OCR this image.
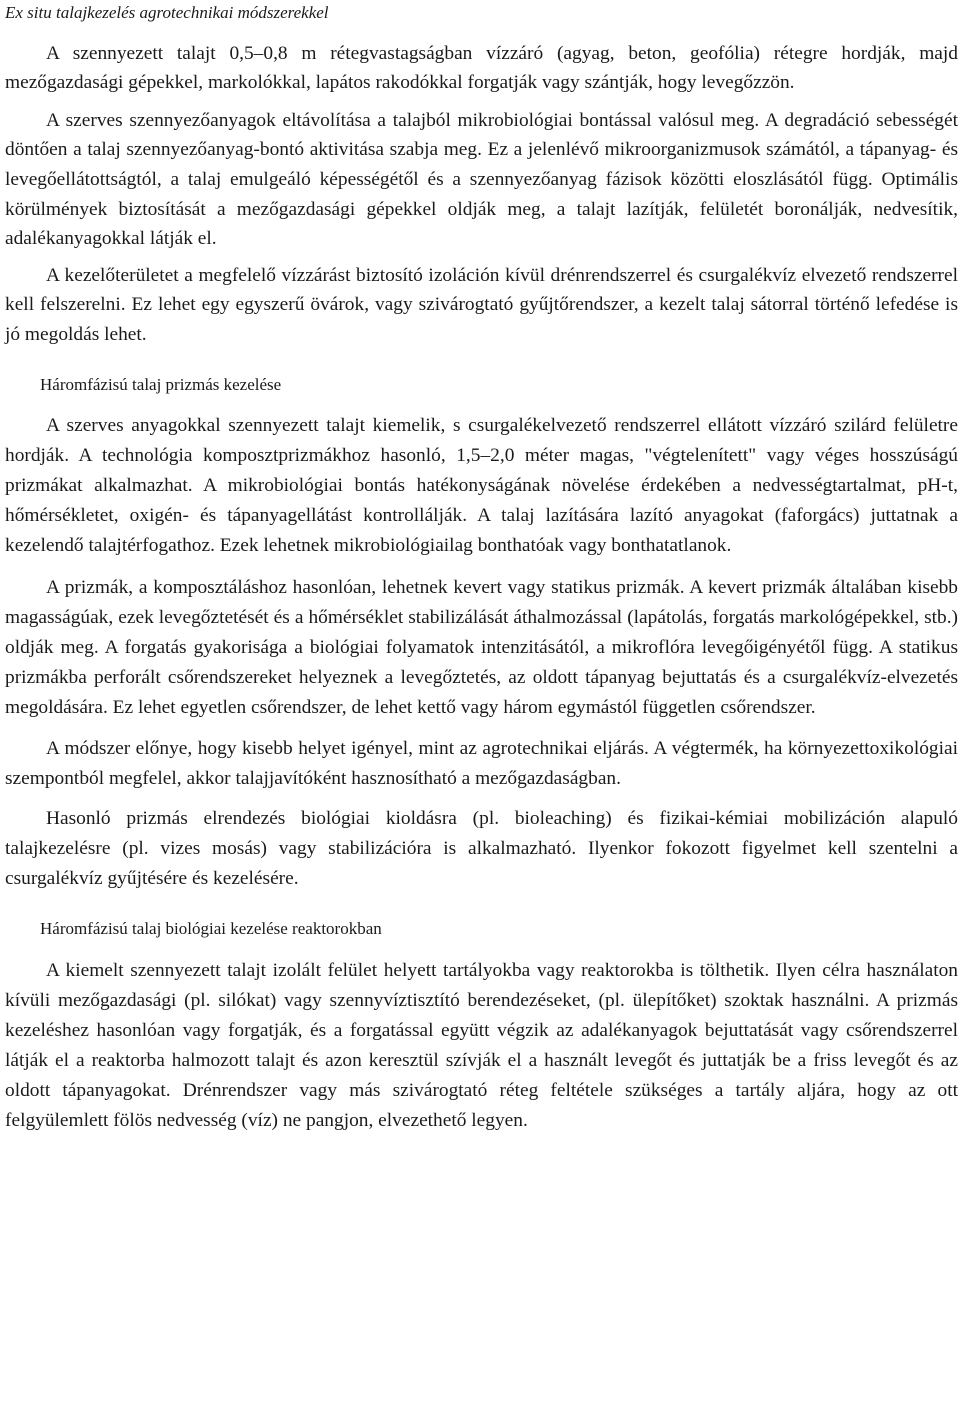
Ex situ talajkezelés agrotechnikai módszerekkel

A szennyezett talajt 0,5–0,8 m rétegvastagságban vízzáró (agyag, beton, geofólia) rétegre hordják, majd mezőgazdasági gépekkel, markolókkal, lapátos rakodókkal forgatják vagy szántják, hogy levegőzzön.

A szerves szennyezőanyagok eltávolítása a talajból mikrobiológiai bontással valósul meg. A degradáció sebességét döntően a talaj szennyezőanyag-bontó aktivitása szabja meg. Ez a jelenlévő mikroorganizmusok számától, a tápanyag- és levegőellátottságtól, a talaj emulgeáló képességétől és a szennyezőanyag fázisok közötti eloszlásától függ. Optimális körülmények biztosítását a mezőgazdasági gépekkel oldják meg, a talajt lazítják, felületét boronálják, nedvesítik, adalékanyagokkal látják el.

A kezelőterületet a megfelelő vízzárást biztosító izoláción kívül drénrendszerrel és csurgalékvíz elvezető rendszerrel kell felszerelni. Ez lehet egy egyszerű övárok, vagy szivárogtató gyűjtőrendszer, a kezelt talaj sátorral történő lefedése is jó megoldás lehet.

Háromfázisú talaj prizmás kezelése

A szerves anyagokkal szennyezett talajt kiemelik, s csurgalékelvezető rendszerrel ellátott vízzáró szilárd felületre hordják. A technológia komposztprizmákhoz hasonló, 1,5–2,0 méter magas, "végtelenített" vagy véges hosszúságú prizmákat alkalmazhat. A mikrobiológiai bontás hatékonyságának növelése érdekében a nedvességtartalmat, pH-t, hőmérsékletet, oxigén- és tápanyagellátást kontrollálják. A talaj lazítására lazító anyagokat (faforgács) juttatnak a kezelendő talajtérfogathoz. Ezek lehetnek mikrobiológiailag bonthatóak vagy bonthatatlanok.

A prizmák, a komposztáláshoz hasonlóan, lehetnek kevert vagy statikus prizmák. A kevert prizmák általában kisebb magasságúak, ezek levegőztetését és a hőmérséklet stabilizálását áthalmozással (lapátolás, forgatás markológépekkel, stb.) oldják meg. A forgatás gyakorisága a biológiai folyamatok intenzitásától, a mikroflóra levegőigényétől függ. A statikus prizmákba perforált csőrendszereket helyeznek a levegőztetés, az oldott tápanyag bejuttatás és a csurgalékvíz-elvezetés megoldására. Ez lehet egyetlen csőrendszer, de lehet kettő vagy három egymástól független csőrendszer.

A módszer előnye, hogy kisebb helyet igényel, mint az agrotechnikai eljárás. A végtermék, ha környezettoxikológiai szempontból megfelel, akkor talajjavítóként hasznosítható a mezőgazdaságban.

Hasonló prizmás elrendezés biológiai kioldásra (pl. bioleaching) és fizikai-kémiai mobilizáción alapuló talajkezelésre (pl. vizes mosás) vagy stabilizációra is alkalmazható. Ilyenkor fokozott figyelmet kell szentelni a csurgalékvíz gyűjtésére és kezelésére.

Háromfázisú talaj biológiai kezelése reaktorokban

A kiemelt szennyezett talajt izolált felület helyett tartályokba vagy reaktorokba is tölthetik. Ilyen célra használaton kívüli mezőgazdasági (pl. silókat) vagy szennyvíztisztító berendezéseket, (pl. ülepítőket) szoktak használni. A prizmás kezeléshez hasonlóan vagy forgatják, és a forgatással együtt végzik az adalékanyagok bejuttatását vagy csőrendszerrel látják el a reaktorba halmozott talajt és azon keresztül szívják el a használt levegőt és juttatják be a friss levegőt és az oldott tápanyagokat. Drénrendszer vagy más szivárogtató réteg feltétele szükséges a tartály aljára, hogy az ott felgyülemlett fölös nedvesség (víz) ne pangjon, elvezethető legyen.
